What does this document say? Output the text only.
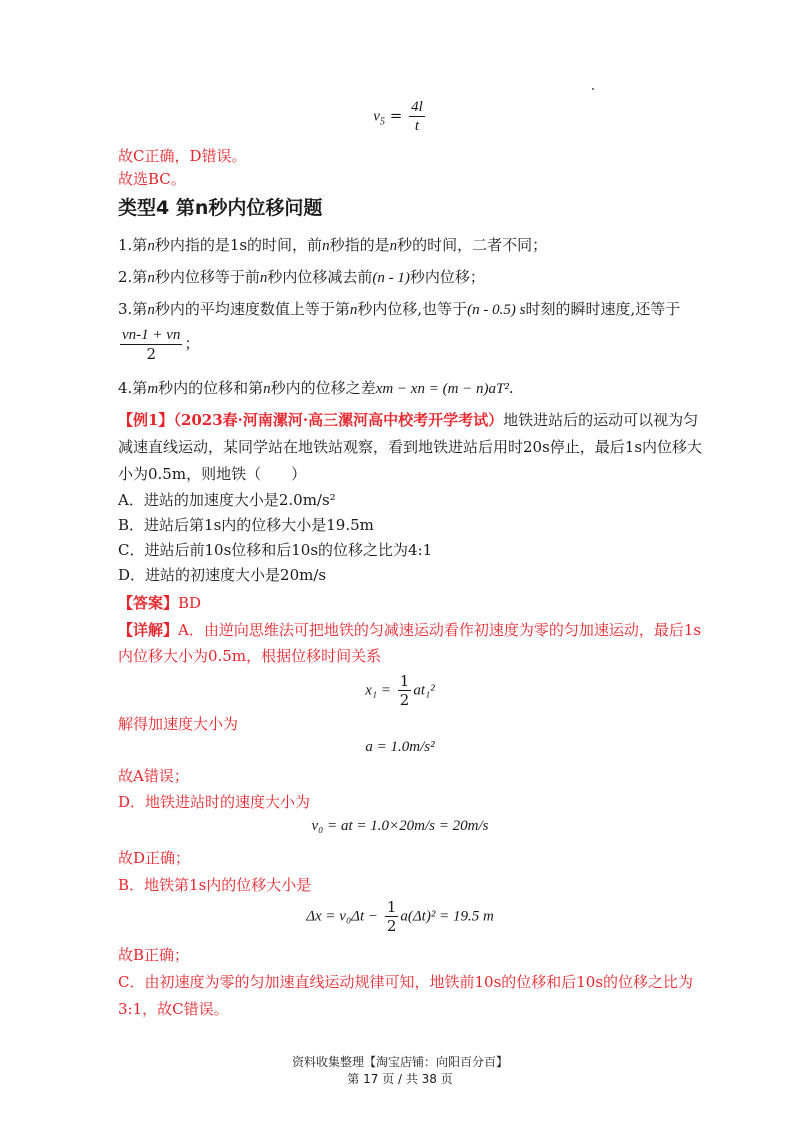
$v_5 = \frac{4l}{t}$
故C正确，D错误。
故选BC。
类型4 第n秒内位移问题
1.第n秒内指的是1s的时间，前n秒指的是n秒的时间，二者不同；
2.第n秒内位移等于前n秒内位移减去前(n - 1)秒内位移；
3.第n秒内的平均速度数值上等于第n秒内位移,也等于(n - 0.5) s时刻的瞬时速度,还等于
$\frac{vn-1 + vn}{2}$ ；
4.第m秒内的位移和第n秒内的位移之差xm − xn = (m − n)aT².
【例1】（2023春·河南漯河·高三漯河高中校考开学考试）地铁进站后的运动可以视为匀
减速直线运动，某同学站在地铁站观察，看到地铁进站后用时20s停止，最后1s内位移大
小为0.5m，则地铁（　　）
A．进站的加速度大小是2.0m/s²
B．进站后第1s内的位移大小是19.5m
C．进站后前10s位移和后10s的位移之比为4:1
D．进站的初速度大小是20m/s
【答案】BD
【详解】A．由逆向思维法可把地铁的匀减速运动看作初速度为零的匀加速运动，最后1s
内位移大小为0.5m，根据位移时间关系
$x_1 = \frac{1}{2} at_1^2$
解得加速度大小为
a = 1.0m/s²
故A错误；
D．地铁进站时的速度大小为
v₀ = at = 1.0×20m/s = 20m/s
故D正确；
B．地铁第1s内的位移大小是
$\Delta x = v_0\Delta t - \frac{1}{2} a(\Delta t)^2 = 19.5$ m
故B正确；
C．由初速度为零的匀加速直线运动规律可知，地铁前10s的位移和后10s的位移之比为
3:1，故C错误。
资料收集整理【淘宝店铺：向阳百分百】
第 17 页 / 共 38 页
